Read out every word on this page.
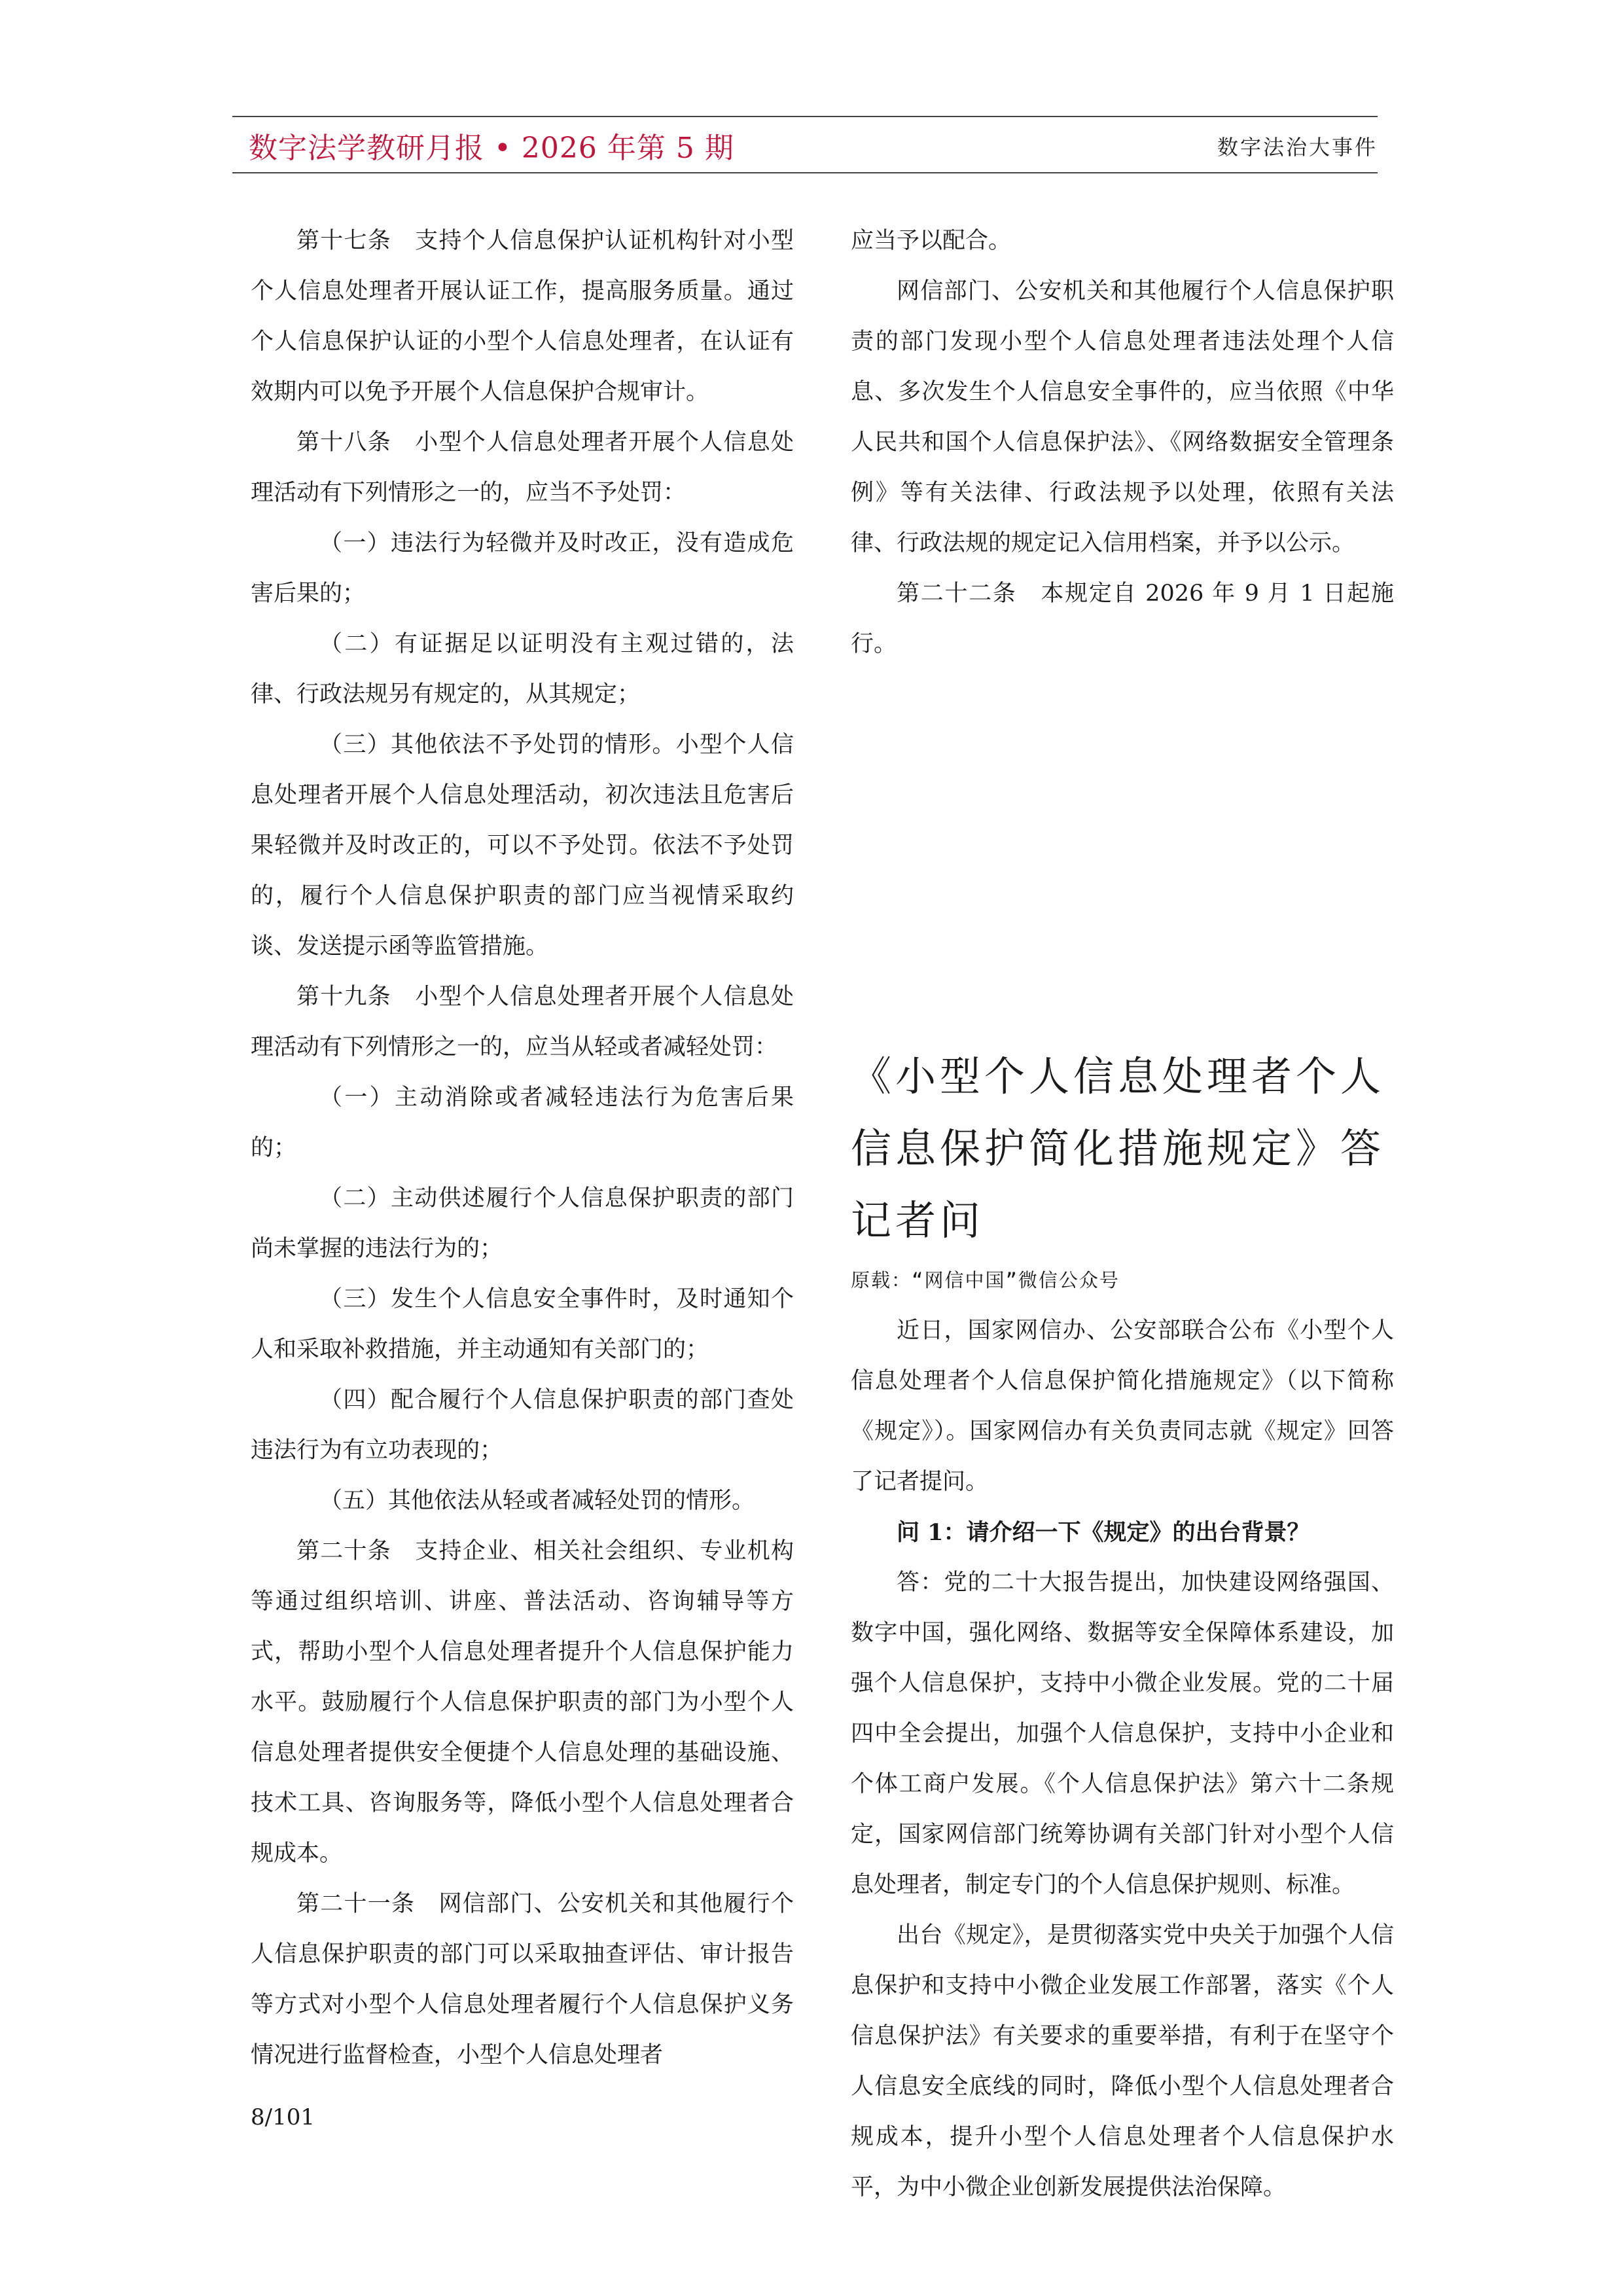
数字法学教研月报 • 2026 年第 5 期	数字法治大事件

第十七条　支持个人信息保护认证机构针对小型个人信息处理者开展认证工作，提高服务质量。通过个人信息保护认证的小型个人信息处理者，在认证有效期内可以免予开展个人信息保护合规审计。

第十八条　小型个人信息处理者开展个人信息处理活动有下列情形之一的，应当不予处罚：

（一）违法行为轻微并及时改正，没有造成危害后果的；

（二）有证据足以证明没有主观过错的，法律、行政法规另有规定的，从其规定；

（三）其他依法不予处罚的情形。小型个人信息处理者开展个人信息处理活动，初次违法且危害后果轻微并及时改正的，可以不予处罚。依法不予处罚的，履行个人信息保护职责的部门应当视情采取约谈、发送提示函等监管措施。

第十九条　小型个人信息处理者开展个人信息处理活动有下列情形之一的，应当从轻或者减轻处罚：

（一）主动消除或者减轻违法行为危害后果的；

（二）主动供述履行个人信息保护职责的部门尚未掌握的违法行为的；

（三）发生个人信息安全事件时，及时通知个人和采取补救措施，并主动通知有关部门的；

（四）配合履行个人信息保护职责的部门查处违法行为有立功表现的；

（五）其他依法从轻或者减轻处罚的情形。

第二十条　支持企业、相关社会组织、专业机构等通过组织培训、讲座、普法活动、咨询辅导等方式，帮助小型个人信息处理者提升个人信息保护能力水平。鼓励履行个人信息保护职责的部门为小型个人信息处理者提供安全便捷个人信息处理的基础设施、技术工具、咨询服务等，降低小型个人信息处理者合规成本。

第二十一条　网信部门、公安机关和其他履行个人信息保护职责的部门可以采取抽查评估、审计报告等方式对小型个人信息处理者履行个人信息保护义务情况进行监督检查，小型个人信息处理者

应当予以配合。

网信部门、公安机关和其他履行个人信息保护职责的部门发现小型个人信息处理者违法处理个人信息、多次发生个人信息安全事件的，应当依照《中华人民共和国个人信息保护法》、《网络数据安全管理条例》等有关法律、行政法规予以处理，依照有关法律、行政法规的规定记入信用档案，并予以公示。

第二十二条　本规定自 2026 年 9 月 1 日起施行。

《小型个人信息处理者个人信息保护简化措施规定》答记者问
原载：“网信中国”微信公众号

近日，国家网信办、公安部联合公布《小型个人信息处理者个人信息保护简化措施规定》（以下简称《规定》）。国家网信办有关负责同志就《规定》回答了记者提问。

问 1：请介绍一下《规定》的出台背景？

答：党的二十大报告提出，加快建设网络强国、数字中国，强化网络、数据等安全保障体系建设，加强个人信息保护，支持中小微企业发展。党的二十届四中全会提出，加强个人信息保护，支持中小企业和个体工商户发展。《个人信息保护法》第六十二条规定，国家网信部门统筹协调有关部门针对小型个人信息处理者，制定专门的个人信息保护规则、标准。

出台《规定》，是贯彻落实党中央关于加强个人信息保护和支持中小微企业发展工作部署，落实《个人信息保护法》有关要求的重要举措，有利于在坚守个人信息安全底线的同时，降低小型个人信息处理者合规成本，提升小型个人信息处理者个人信息保护水平，为中小微企业创新发展提供法治保障。

8/101
